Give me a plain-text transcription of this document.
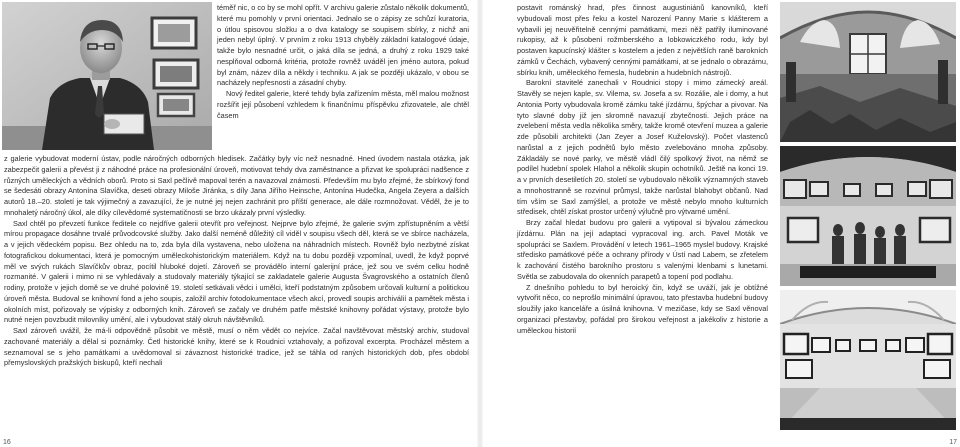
téměř nic, o co by se mohl opřít. V archivu galerie zůstalo několik dokumentů, které mu pomohly v první orientaci. Jednalo se o zápisy ze schůzí kuratoria, o útlou spisovou složku a o dva katalogy se soupisem sbírky, z nichž ani jeden nebyl úplný. V prvním z roku 1913 chyběly základní katalogové údaje, takže bylo nesnadné určit, o jaká díla se jedná, a druhý z roku 1929 také nesplňoval odborná kritéria, protože rovněž uváděl jen jméno autora, pokud byl znám, název díla a někdy i techniku. A jak se později ukázalo, v obou se nacházely nepřesnosti a zásadní chyby.

Nový ředitel galerie, které tehdy byla zařízením města, měl malou možnost rozšířit její působení vzhledem k finančnímu příspěvku zřizovatele, ale chtěl časem

z galerie vybudovat moderní ústav, podle náročných odborných hledisek. Začátky byly víc než nesnadné. Hned úvodem nastala otázka, jak zabezpečit galerii a převést ji z náhodné práce na profesionální úroveň, motivovat tehdy dva zaměstnance a přizvat ke spolupráci nadšence z různých uměleckých a vědních oborů. Proto si Saxl pečlivě mapoval terén a navazoval známosti. Především mu bylo zřejmé, že sbírkový fond se šedesáti obrazy Antonína Slavíčka, deseti obrazy Miloše Jiránka, s díly Jana Jiřího Heinsche, Antonína Hudečka, Angela Zeyera a dalších autorů 18.–20. století je tak výjimečný a zavazující, že je nutné jej nejen zachránit pro příští generace, ale dále rozmnožovat. Věděl, že je to mnohaletý náročný úkol, ale díky cílevědomé systematičnosti se brzo ukázaly první výsledky.

Saxl chtěl po převzetí funkce ředitele co nejdříve galerii otevřít pro veřejnost. Nejprve bylo zřejmé, že galerie svým zpřístupněním a větší mírou propagace dosáhne trvalé průvodcovské služby. Jako další neméně důležitý cíl viděl v soupisu všech děl, která se ve sbírce nacházela, a v jejich vědeckém popisu. Bez ohledu na to, zda byla díla vystavena, nebo uložena na náhradních místech. Rovněž bylo nezbytné získat fotografickou dokumentaci, která je pomocným uměleckohistorickým materiálem. Když na tu dobu později vzpomínal, uvedl, že když poprvé měl ve svých rukách Slavíčkův obraz, pocítil hluboké dojetí. Zároveň se provádělo interní galerijní práce, jež sou ve svém celku hodně rozmanité. V galerii i mimo ni se vyhledávaly a studovaly materiály týkající se zakladatele galerie Augusta Švagrovského a ostatních členů rodiny, protože v jejich domě se ve druhé polovině 19. století setkávali vědci i umělci, kteří podstatným způsobem určovali kulturní a politickou úroveň města. Budoval se knihovní fond a jeho soupis, založil archiv fotodokumentace všech akcí, provedl soupis archiválií a pamětek města i okolních míst, pořizovaly se výpisky z odborných knih. Zároveň se začaly ve druhém patře městské knihovny pořádat výstavy, protože bylo nutné nejen povzbudit milovníky umění, ale i vybudovat stálý okruh návštěvníků.

Saxl zároveň uvážil, že má-li odpovědně působit ve městě, musí o něm vědět co nejvíce. Začal navštěvovat městský archiv, studoval zachované materiály a dělal si poznámky. Četl historické knihy, které se k Roudnici vztahovaly, a pořizoval excerpta. Procházel městem a seznamoval se s jeho památkami a uvědomoval si závaznost historické tradice, jež se táhla od raných historických dob, přes období přemyslovských pražských biskupů, kteří nechali

16

postavit románský hrad, přes činnost augustiniánů kanovníků, kteří vybudovali most přes řeku a kostel Narození Panny Marie s klášterem a vybavili jej neuvěřitelně cennými památkami, mezi něž patřily iluminované rukopisy, až k působení rožmberského a lobkowiczkého rodu, kdy byl postaven kapucínský klášter s kostelem a jeden z největších raně barokních zámků v Čechách, vybavený cennými památkami, at se jednalo o obrazárnu, sbírku knih, uměleckého řemesla, hudebnin a hudebních nástrojů.

Barokní stavitelé zanechali v Roudnici stopy i mimo zámecký areál. Stavěly se nejen kaple, sv. Vilema, sv. Josefa a sv. Rozálie, ale i domy, a hut Antonia Porty vybudovala kromě zámku také jízdárnu, špýchar a pivovar. Na tyto slavné doby již jen skromně navazují zbytečnosti. Jejich práce na zvelebení města vedla několika směry, takže kromě otevření muzea a galerie zde působili architekti (Jan Zeyer a Josef Kuželovský). Počet vlastenců narůstal a z jejich podnětů bylo město zvelebováno mnoha způsoby. Základály se nové parky, ve městě vládl čilý spolkový život, na němž se podílel hudební spolek Hlahol a několik skupin ochotníků. Ještě na konci 19. a v prvních desetiletích 20. století se vybudovalo několik významných staveb a mnohostranně se rozvinul průmysl, takže narůstal blahobyt občanů. Nad tím vším se Saxl zamýšlel, a protože ve městě nebylo mnoho kulturních středisek, chtěl získat prostor určený výlučně pro výtvarné umění.

Brzy začal hledat budovu pro galerii a vytipoval si bývalou zámeckou jízdárnu. Plán na její adaptaci vypracoval ing. arch. Pavel Moták ve spolupráci se Saxlem. Provádění v letech 1961–1965 myslel budovy. Krajské středisko památkové péče a ochrany přírody v Ústí nad Labem, se zřetelem k zachování čistého barokního prostoru s valenými klenbami s lunetami. Světla se zabudovala do okenních parapetů a topení pod podlahu.

Z dnešního pohledu to byl heroický čin, když se uváží, jak je obtížné vytvořit něco, co neprošlo minimální úpravou, tato přestavba hudební budovy sloužily jako kanceláře a úsilná knihovna. V mezičase, kdy se Saxl věnoval organizaci přestavby, pořádal pro širokou veřejnost a jakékoliv z historie a uměleckou historií

17
